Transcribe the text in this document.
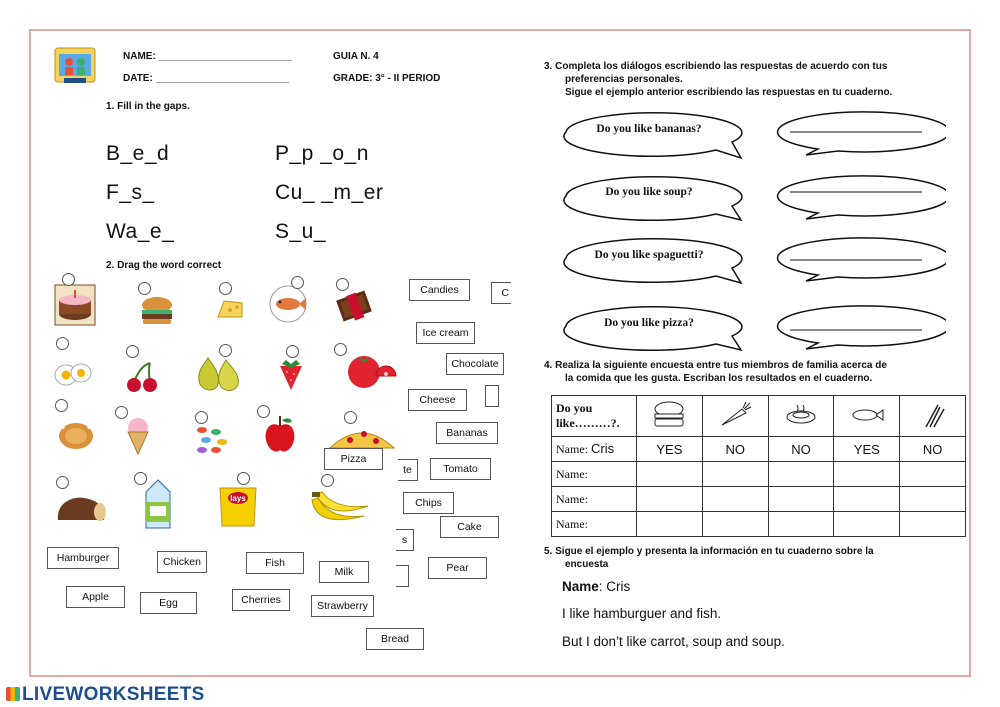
NAME: ________________________
DATE: ________________________
GUIA N. 4
GRADE: 3° - II PERIOD
1. Fill in the gaps.
B_e_d	P_p _o_n
F_s_	Cu_ _m_er
Wa_e_	S_u_
2. Drag the word correct
lays
Candies	C
Ice cream
Chocolate
Cheese
Bananas
Pizza
te	Tomato
Chips
Cake
s
Pear
Hamburger	Chicken	Fish
Milk
Apple	Egg	Cherries	Strawberry
Bread
3. Completa los diálogos escribiendo las respuestas de acuerdo con tus
preferencias personales.
Sigue el ejemplo anterior escribiendo las respuestas en tu cuaderno.
Do you like bananas?
Do you like soup?
Do you like spaguetti?
Do you like pizza?
4. Realiza la siguiente encuesta entre tus miembros de familia acerca de
la comida que les gusta. Escriban los resultados en el cuaderno.
Do you like………?.					
Name: Cris	YES	NO	NO	YES	NO
Name:					
Name:					
Name:					
5. Sigue el ejemplo y presenta la información en tu cuaderno sobre la
encuesta
Name: Cris
I like hamburguer and fish.
But I don’t like carrot, soup and soup.
LIVEWORKSHEETS
